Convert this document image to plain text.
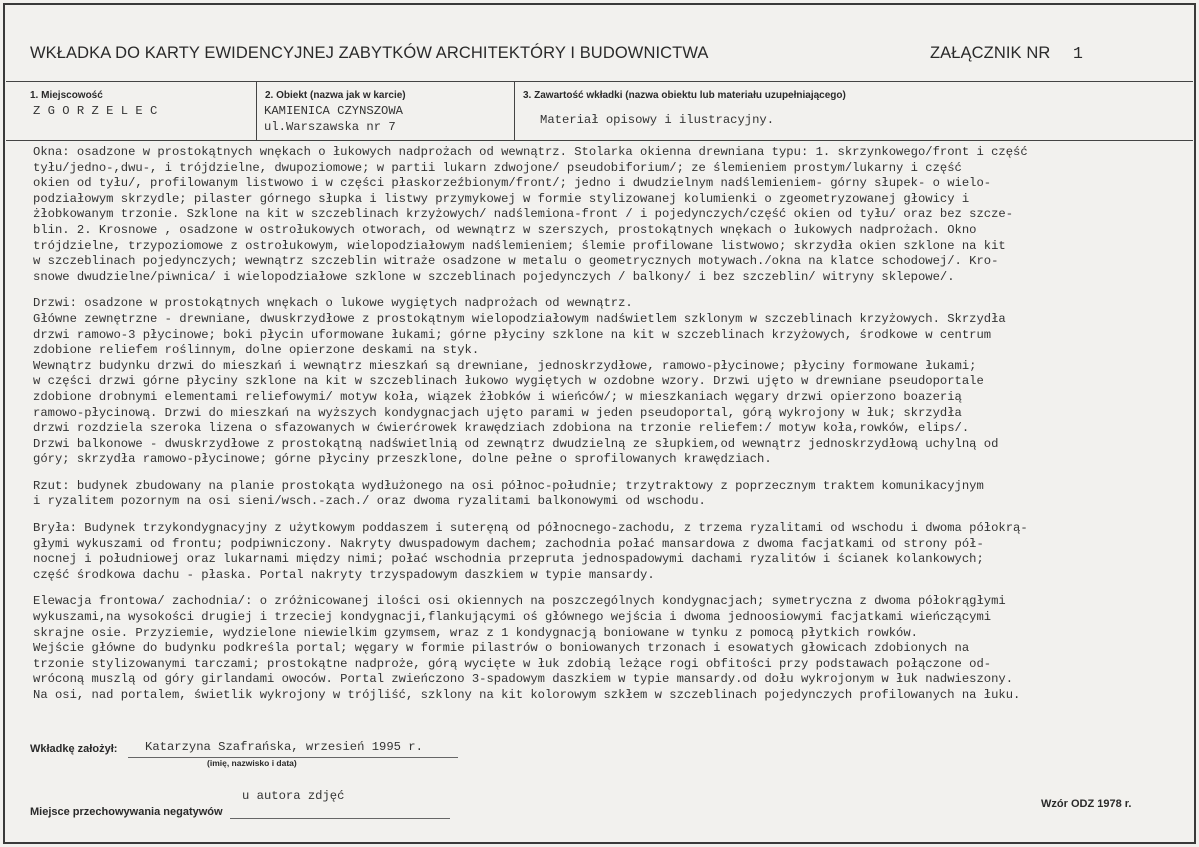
WKŁADKA DO KARTY EWIDENCYJNEJ ZABYTKÓW ARCHITEKTÓRY I BUDOWNICTWA	ZAŁĄCZNIK NR 1
1. Miejscowość
Z G O R Z E L E C
2. Obiekt (nazwa jak w karcie)
KAMIENICA CZYNSZOWA
ul.Warszawska nr 7
3. Zawartość wkładki (nazwa obiektu lub materiału uzupełniającego)
Materiał opisowy i ilustracyjny.
Okna: osadzone w prostokątnych wnękach o łukowych nadprożach od wewnątrz. Stolarka okienna drewniana typu: 1. skrzynkowego/front i część
tyłu/jedno-,dwu-, i trójdzielne, dwupoziomowe; w partii lukarn zdwojone/ pseudobiforium/; ze ślemieniem prostym/lukarny i część
okien od tyłu/, profilowanym listwowo i w części płaskorzeźbionym/front/; jedno i dwudzielnym nadślemieniem- górny słupek- o wielo-
podziałowym skrzydle; pilaster górnego słupka i listwy przymykowej w formie stylizowanej kolumienki o zgeometryzowanej głowicy i
żłobkowanym trzonie. Szklone na kit w szczeblinach krzyżowych/ nadślemiona-front / i pojedynczych/część okien od tyłu/ oraz bez szcze-
blin. 2. Krosnowe , osadzone w ostrołukowych otworach, od wewnątrz w szerszych, prostokątnych wnękach o łukowych nadprożach. Okno
trójdzielne, trzypoziomowe z ostrołukowym, wielopodziałowym nadślemieniem; ślemie profilowane listwowo; skrzydła okien szklone na kit
w szczeblinach pojedynczych; wewnątrz szczeblin witraże osadzone w metalu o geometrycznych motywach./okna na klatce schodowej/. Kro-
snowe dwudzielne/piwnica/ i wielopodziałowe szklone w szczeblinach pojedynczych / balkony/ i bez szczeblin/ witryny sklepowe/.
Drzwi: osadzone w prostokątnych wnękach o lukowe wygiętych nadprożach od wewnątrz.
Główne zewnętrzne - drewniane, dwuskrzydłowe z prostokątnym wielopodziałowym nadświetlem szklonym w szczeblinach krzyżowych. Skrzydła
drzwi ramowo-3 płycinowe; boki płycin uformowane łukami; górne płyciny szklone na kit w szczeblinach krzyżowych, środkowe w centrum
zdobione reliefem roślinnym, dolne opierzone deskami na styk.
Wewnątrz budynku drzwi do mieszkań i wewnątrz mieszkań są drewniane, jednoskrzydłowe, ramowo-płycinowe; płyciny formowane łukami;
w części drzwi górne płyciny szklone na kit w szczeblinach łukowo wygiętych w ozdobne wzory. Drzwi ujęto w drewniane pseudoportale
zdobione drobnymi elementami reliefowymi/ motyw koła, wiązek żłobków i wieńców/; w mieszkaniach węgary drzwi opierzono boazerią
ramowo-płycinową. Drzwi do mieszkań na wyższych kondygnacjach ujęto parami w jeden pseudoportal, górą wykrojony w łuk; skrzydła
drzwi rozdziela szeroka lizena o sfazowanych w ćwierćrowek krawędziach zdobiona na trzonie reliefem:/ motyw koła,rowków, elips/.
Drzwi balkonowe - dwuskrzydłowe z prostokątną nadświetlnią od zewnątrz dwudzielną ze słupkiem,od wewnątrz jednoskrzydłową uchylną od
góry; skrzydła ramowo-płycinowe; górne płyciny przeszklone, dolne pełne o sprofilowanych krawędziach.
Rzut: budynek zbudowany na planie prostokąta wydłużonego na osi północ-południe; trzytraktowy z poprzecznym traktem komunikacyjnym
i ryzalitem pozornym na osi sieni/wsch.-zach./ oraz dwoma ryzalitami balkonowymi od wschodu.
Bryła: Budynek trzykondygnacyjny z użytkowym poddaszem i suteręną od północnego-zachodu, z trzema ryzalitami od wschodu i dwoma półokrą-
głymi wykuszami od frontu; podpiwniczony. Nakryty dwuspadowym dachem; zachodnia połać mansardowa z dwoma facjatkami od strony pół-
nocnej i południowej oraz lukarnami między nimi; połać wschodnia przepruta jednospadowymi dachami ryzalitów i ścianek kolankowych;
część środkowa dachu - płaska. Portal nakryty trzyspadowym daszkiem w typie mansardy.
Elewacja frontowa/ zachodnia/: o zróżnicowanej ilości osi okiennych na poszczególnych kondygnacjach; symetryczna z dwoma półokrągłymi
wykuszami,na wysokości drugiej i trzeciej kondygnacji,flankującymi oś głównego wejścia i dwoma jednoosiowymi facjatkami wieńczącymi
skrajne osie. Przyziemie, wydzielone niewielkim gzymsem, wraz z 1 kondygnacją boniowane w tynku z pomocą płytkich rowków.
Wejście główne do budynku podkreśla portal; węgary w formie pilastrów o boniowanych trzonach i esowatych głowicach zdobionych na
trzonie stylizowanymi tarczami; prostokątne nadproże, górą wycięte w łuk zdobią leżące rogi obfitości przy podstawach połączone od-
wróconą muszlą od góry girlandami owoców. Portal zwieńczono 3-spadowym daszkiem w typie mansardy.od dołu wykrojonym w łuk nadwieszony.
Na osi, nad portalem, świetlik wykrojony w trójliść, szklony na kit kolorowym szkłem w szczeblinach pojedynczych profilowanych na łuku.
Wkładkę założył: Katarzyna Szafrańska, wrzesień 1995 r.
(imię, nazwisko i data)
Miejsce przechowywania negatywów
u autora zdjęć
Wzór ODZ 1978 r.
